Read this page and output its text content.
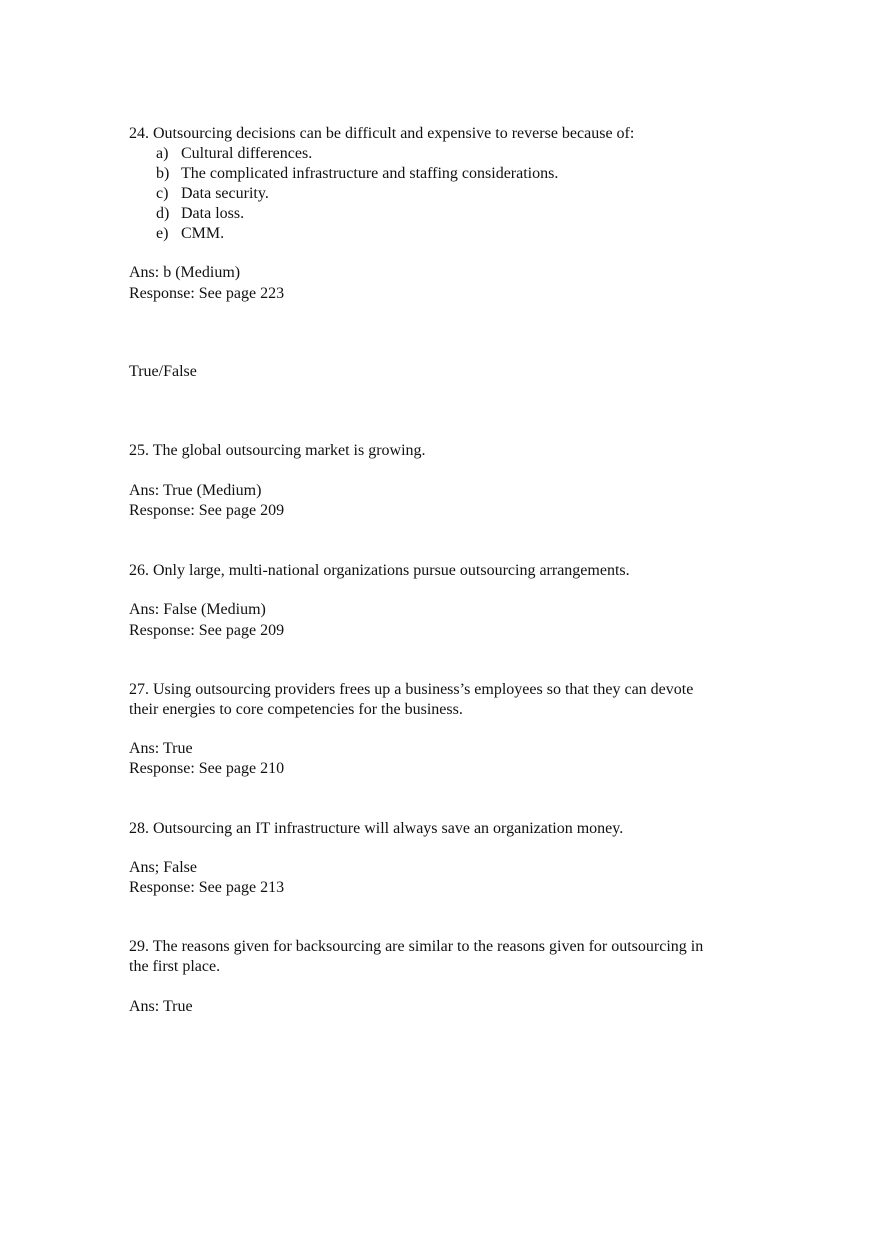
24. Outsourcing decisions can be difficult and expensive to reverse because of:
a) Cultural differences.
b) The complicated infrastructure and staffing considerations.
c) Data security.
d) Data loss.
e) CMM.
Ans: b (Medium)
Response: See page 223
True/False
25. The global outsourcing market is growing.
Ans: True (Medium)
Response: See page 209
26. Only large, multi-national organizations pursue outsourcing arrangements.
Ans: False (Medium)
Response: See page 209
27. Using outsourcing providers frees up a business’s employees so that they can devote
their energies to core competencies for the business.
Ans: True
Response: See page 210
28. Outsourcing an IT infrastructure will always save an organization money.
Ans; False
Response: See page 213
29. The reasons given for backsourcing are similar to the reasons given for outsourcing in
the first place.
Ans: True
